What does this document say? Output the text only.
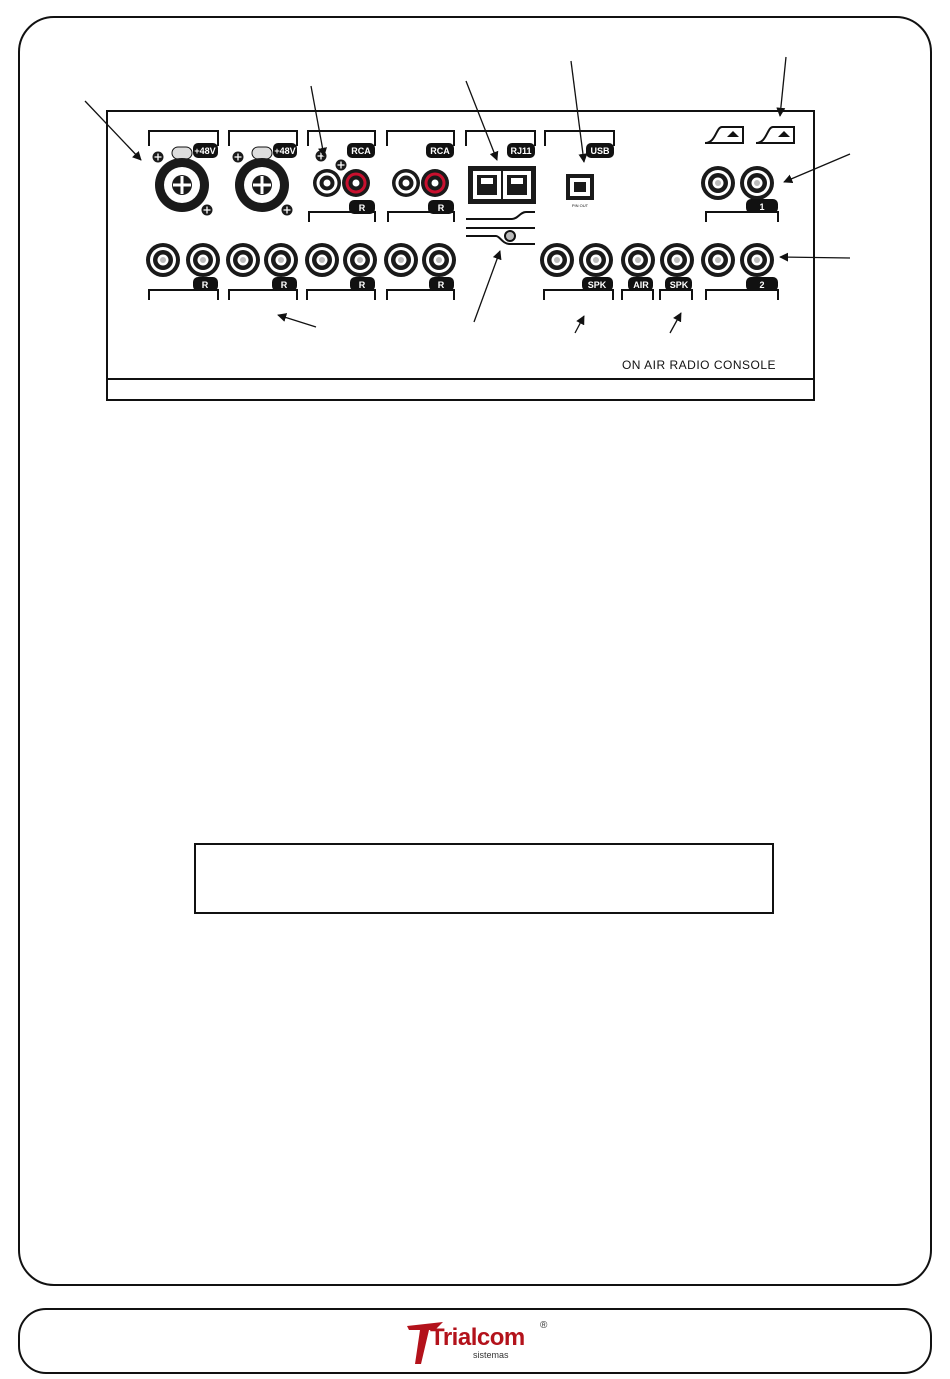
+48V	+48V	RCA	RCA	RJ11	USB
R	R	PIN OUT	1
R	R	R	R	SPK	AIR SPK	2
ON AIR RADIO CONSOLE
Trialcom ®
sistemas
